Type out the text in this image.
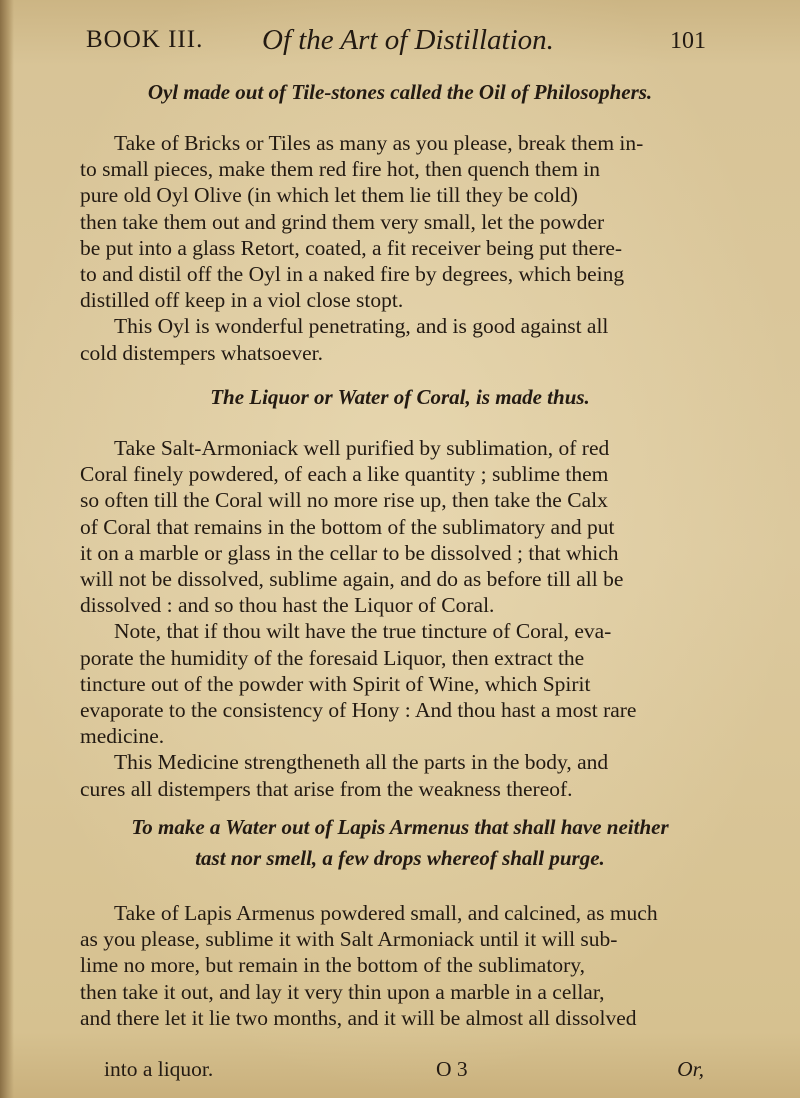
BOOK III. Of the Art of Distillation.	101
Oyl made out of Tile-stones called the Oil of Philosophers.
Take of Bricks or Tiles as many as you please, break them in-
to small pieces, make them red fire hot, then quench them in
pure old Oyl Olive (in which let them lie till they be cold)
then take them out and grind them very small, let the powder
be put into a glass Retort, coated, a fit receiver being put there-
to and distil off the Oyl in a naked fire by degrees, which being
distilled off keep in a viol close stopt.
This Oyl is wonderful penetrating, and is good against all
cold distempers whatsoever.
The Liquor or Water of Coral, is made thus.
Take Salt-Armoniack well purified by sublimation, of red
Coral finely powdered, of each a like quantity ; sublime them
so often till the Coral will no more rise up, then take the Calx
of Coral that remains in the bottom of the sublimatory and put
it on a marble or glass in the cellar to be dissolved ; that which
will not be dissolved, sublime again, and do as before till all be
dissolved : and so thou hast the Liquor of Coral.
Note, that if thou wilt have the true tincture of Coral, eva-
porate the humidity of the foresaid Liquor, then extract the
tincture out of the powder with Spirit of Wine, which Spirit
evaporate to the consistency of Hony : And thou hast a most rare
medicine.
This Medicine strengtheneth all the parts in the body, and
cures all distempers that arise from the weakness thereof.
To make a Water out of Lapis Armenus that shall have neither
tast nor smell, a few drops whereof shall purge.
Take of Lapis Armenus powdered small, and calcined, as much
as you please, sublime it with Salt Armoniack until it will sub-
lime no more, but remain in the bottom of the sublimatory,
then take it out, and lay it very thin upon a marble in a cellar,
and there let it lie two months, and it will be almost all dissolved
into a liquor.	O 3	Or,
